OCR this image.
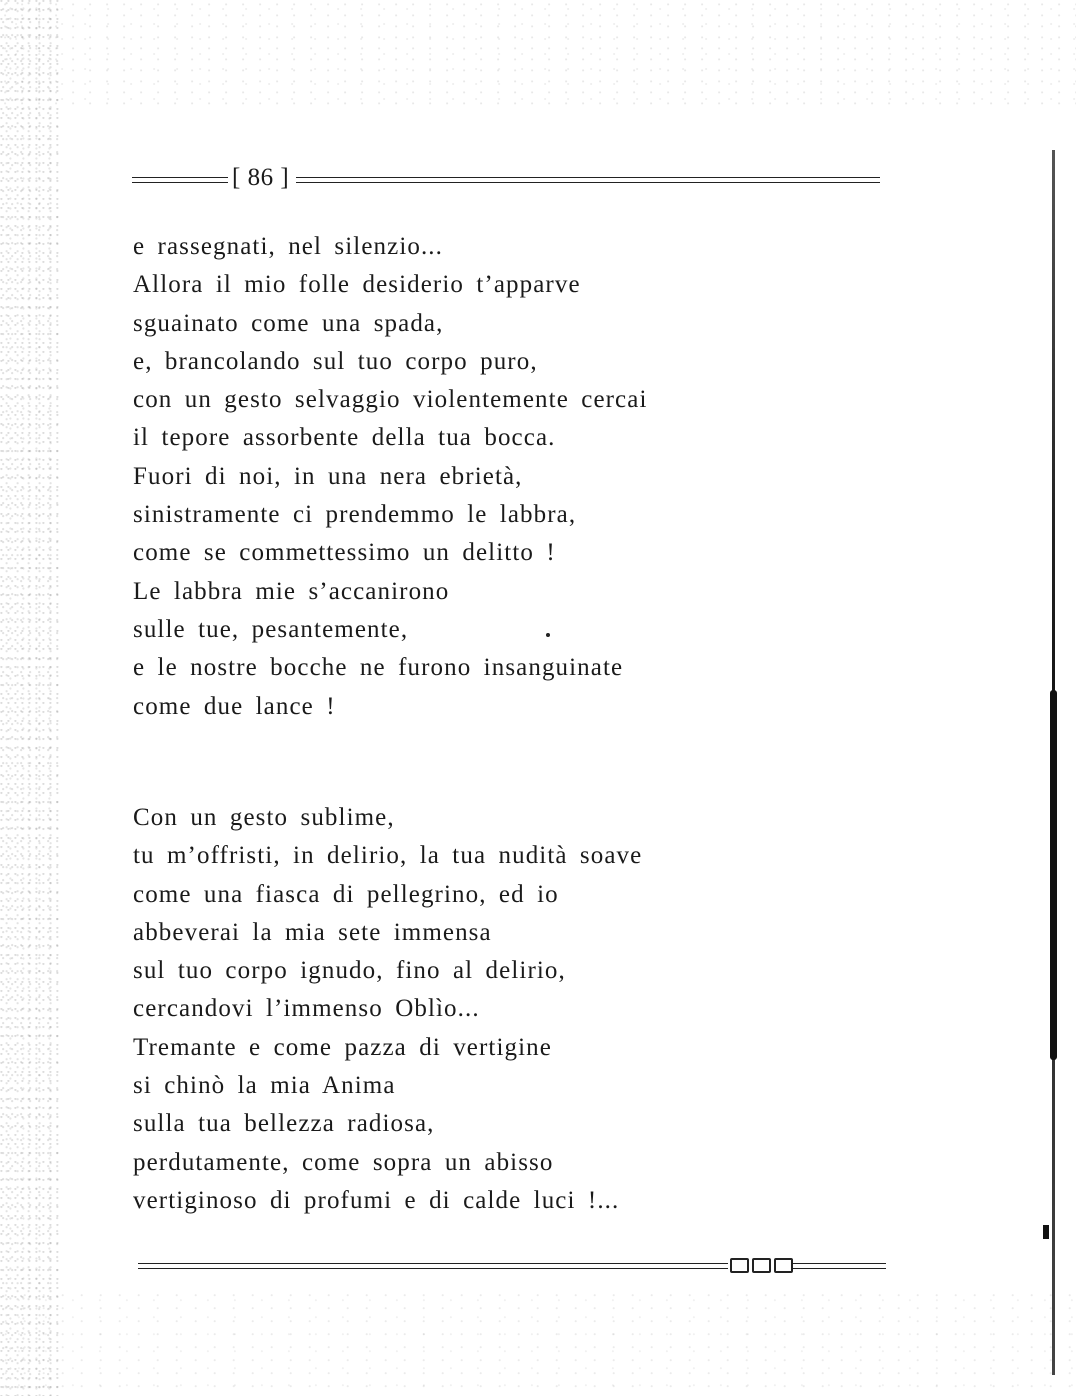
[ 86 ]
e rassegnati, nel silenzio...
Allora il mio folle desiderio t’apparve
sguainato come una spada,
e, brancolando sul tuo corpo puro,
con un gesto selvaggio violentemente cercai
il tepore assorbente della tua bocca.
Fuori di noi, in una nera ebrietà,
sinistramente ci prendemmo le labbra,
come se commettessimo un delitto !
Le labbra mie s’accanirono
sulle tue, pesantemente,
e le nostre bocche ne furono insanguinate
come due lance !
Con un gesto sublime,
tu m’offristi, in delirio, la tua nudità soave
come una fiasca di pellegrino, ed io
abbeverai la mia sete immensa
sul tuo corpo ignudo, fino al delirio,
cercandovi l’immenso Oblìo...
Tremante e come pazza di vertigine
si chinò la mia Anima
sulla tua bellezza radiosa,
perdutamente, come sopra un abisso
vertiginoso di profumi e di calde luci !...
